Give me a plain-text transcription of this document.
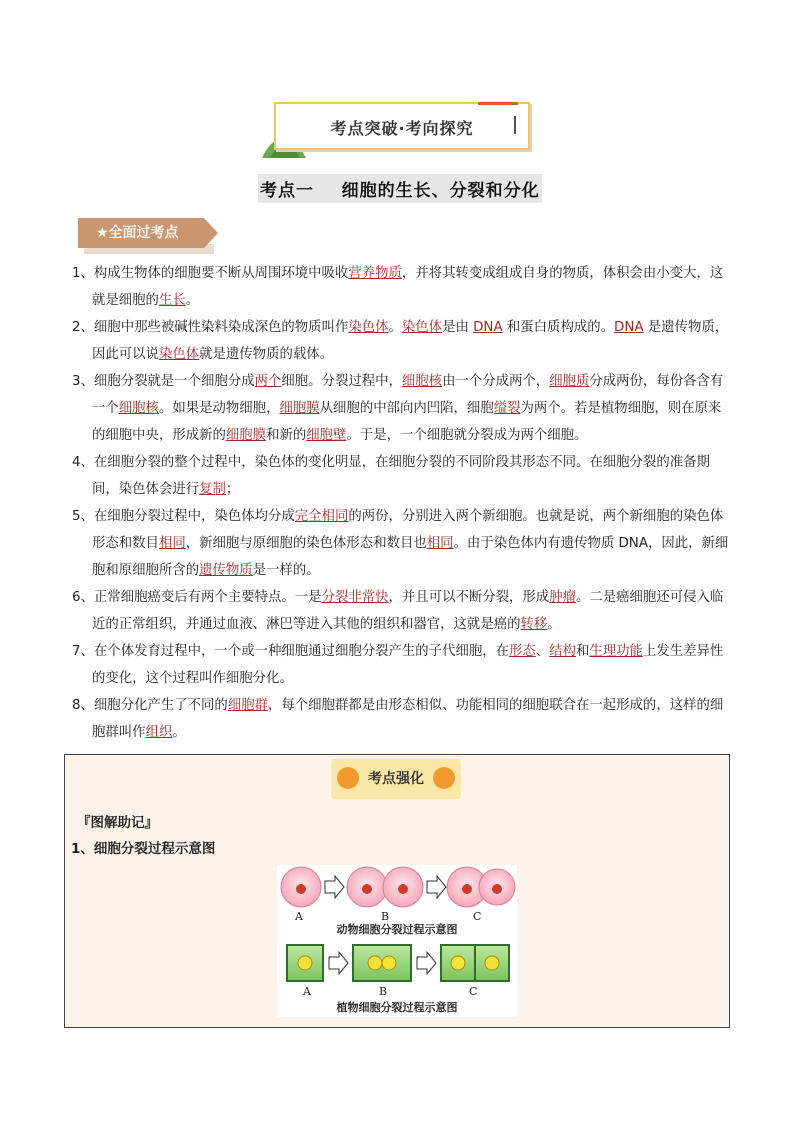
考点突破·考向探究
考点一    细胞的生长、分裂和分化
★全面过考点
1、构成生物体的细胞要不断从周围环境中吸收营养物质，并将其转变成组成自身的物质，体积会由小变大，这就是细胞的生长。
2、细胞中那些被碱性染料染成深色的物质叫作染色体。染色体是由 DNA 和蛋白质构成的。DNA 是遗传物质，因此可以说染色体就是遗传物质的载体。
3、细胞分裂就是一个细胞分成两个细胞。分裂过程中，细胞核由一个分成两个，细胞质分成两份，每份各含有一个细胞核。如果是动物细胞，细胞膜从细胞的中部向内凹陷，细胞缢裂为两个。若是植物细胞，则在原来的细胞中央，形成新的细胞膜和新的细胞壁。于是，一个细胞就分裂成为两个细胞。
4、在细胞分裂的整个过程中，染色体的变化明显，在细胞分裂的不同阶段其形态不同。在细胞分裂的准备期间，染色体会进行复制；
5、在细胞分裂过程中，染色体均分成完全相同的两份，分别进入两个新细胞。也就是说，两个新细胞的染色体形态和数目相同，新细胞与原细胞的染色体形态和数目也相同。由于染色体内有遗传物质 DNA，因此，新细胞和原细胞所含的遗传物质是一样的。
6、正常细胞癌变后有两个主要特点。一是分裂非常快，并且可以不断分裂，形成肿瘤。二是癌细胞还可侵入临近的正常组织，并通过血液、淋巴等进入其他的组织和器官，这就是癌的转移。
7、在个体发育过程中，一个或一种细胞通过细胞分裂产生的子代细胞，在形态、结构和生理功能上发生差异性的变化，这个过程叫作细胞分化。
8、细胞分化产生了不同的细胞群，每个细胞群都是由形态相似、功能相同的细胞联合在一起形成的，这样的细胞群叫作组织。
考点强化
『图解助记』
1、细胞分裂过程示意图
A	B	C
动物细胞分裂过程示意图
A	B	C
植物细胞分裂过程示意图
